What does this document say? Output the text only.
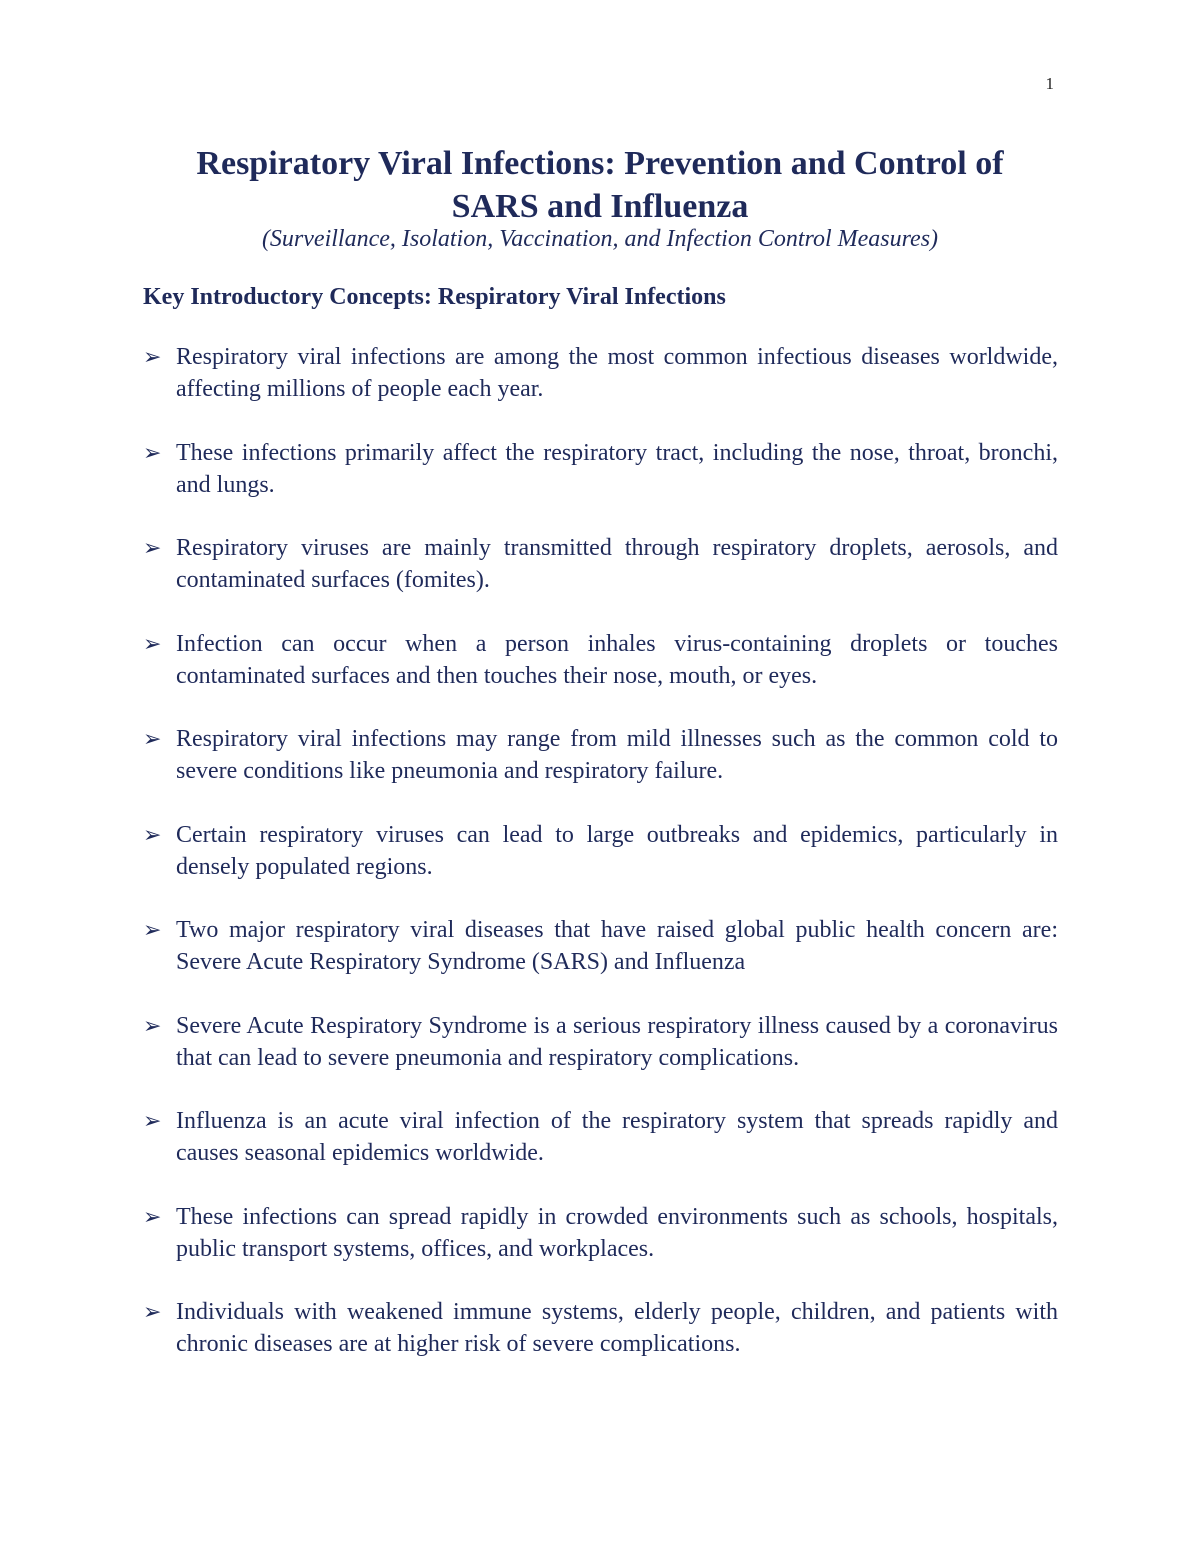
1
Respiratory Viral Infections: Prevention and Control of
SARS and Influenza

(Surveillance, Isolation, Vaccination, and Infection Control Measures)

Key Introductory Concepts: Respiratory Viral Infections
➢ Respiratory viral infections are among the most common infectious diseases worldwide, affecting millions of people each year.
➢ These infections primarily affect the respiratory tract, including the nose, throat, bronchi, and lungs.
➢ Respiratory viruses are mainly transmitted through respiratory droplets, aerosols, and contaminated surfaces (fomites).
➢ Infection can occur when a person inhales virus-containing droplets or touches contaminated surfaces and then touches their nose, mouth, or eyes.
➢ Respiratory viral infections may range from mild illnesses such as the common cold to severe conditions like pneumonia and respiratory failure.
➢ Certain respiratory viruses can lead to large outbreaks and epidemics, particularly in densely populated regions.
➢ Two major respiratory viral diseases that have raised global public health concern are: Severe Acute Respiratory Syndrome (SARS) and Influenza
➢ Severe Acute Respiratory Syndrome is a serious respiratory illness caused by a coronavirus that can lead to severe pneumonia and respiratory complications.
➢ Influenza is an acute viral infection of the respiratory system that spreads rapidly and causes seasonal epidemics worldwide.
➢ These infections can spread rapidly in crowded environments such as schools, hospitals, public transport systems, offices, and workplaces.
➢ Individuals with weakened immune systems, elderly people, children, and patients with chronic diseases are at higher risk of severe complications.
